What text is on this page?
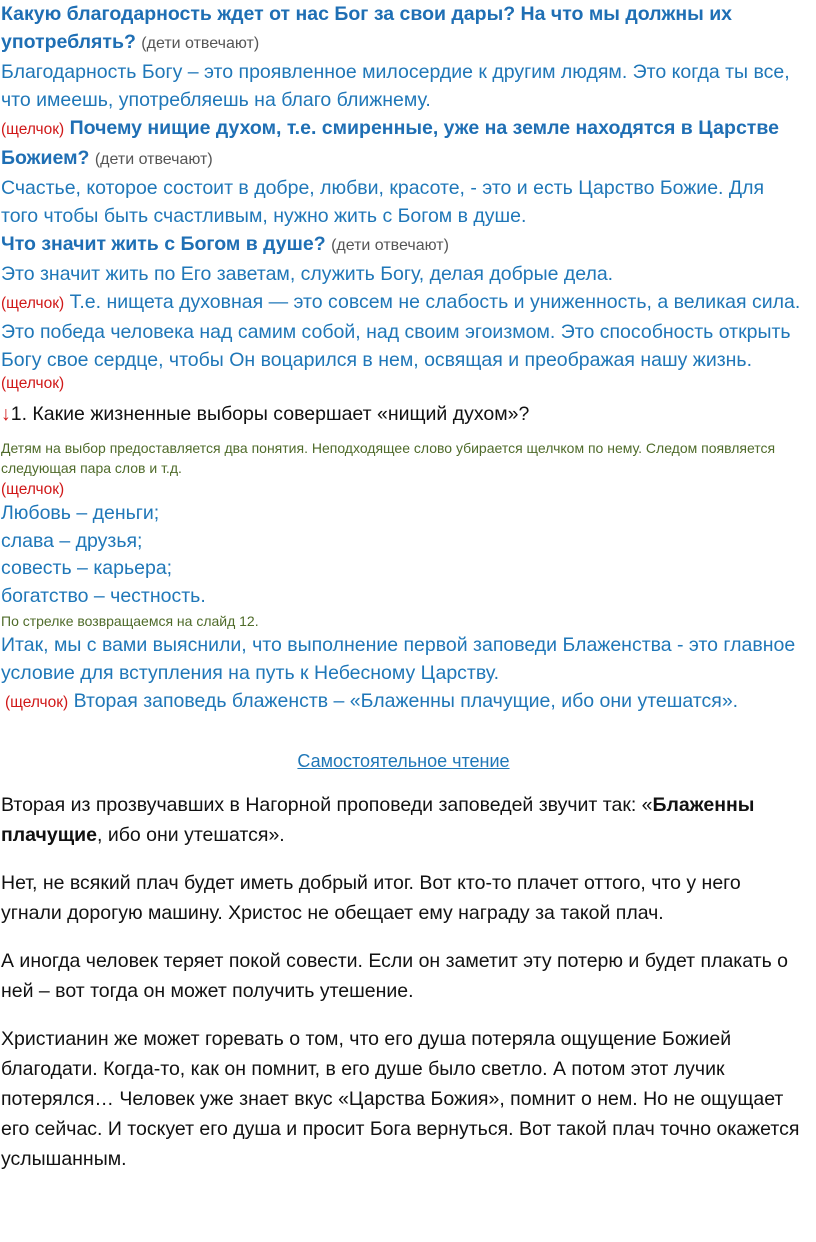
Какую благодарность ждет от нас Бог за свои дары? На что мы должны их употреблять? (дети отвечают)

Благодарность Богу – это проявленное милосердие к другим людям. Это когда ты все, что имеешь, употребляешь на благо ближнему.

(щелчок) Почему нищие духом, т.е. смиренные, уже на земле находятся в Царстве Божием? (дети отвечают)

Счастье, которое состоит в добре, любви, красоте, - это и есть Царство Божие. Для того чтобы быть счастливым, нужно жить с Богом в душе.

Что значит жить с Богом в душе? (дети отвечают)

Это значит жить по Его заветам, служить Богу, делая добрые дела.

(щелчок) Т.е. нищета духовная — это совсем не слабость и униженность, а великая сила. Это победа человека над самим собой, над своим эгоизмом. Это способность открыть Богу свое сердце, чтобы Он воцарился в нем, освящая и преображая нашу жизнь.

(щелчок)

↓1. Какие жизненные выборы совершает «нищий духом»?

Детям на выбор предоставляется два понятия. Неподходящее слово убирается щелчком по нему. Следом появляется следующая пара слов и т.д.

(щелчок)

Любовь – деньги;

слава – друзья;

совесть – карьера;

богатство – честность.

По стрелке возвращаемся на слайд 12.

Итак, мы с вами выяснили, что выполнение первой заповеди Блаженства - это главное условие для вступления на путь к Небесному Царству.

(щелчок) Вторая заповедь блаженств – «Блаженны плачущие, ибо они утешатся».

Самостоятельное чтение

Вторая из прозвучавших в Нагорной проповеди заповедей звучит так: «Блаженны плачущие, ибо они утешатся».

Нет, не всякий плач будет иметь добрый итог. Вот кто-то плачет оттого, что у него угнали дорогую машину. Христос не обещает ему награду за такой плач.

А иногда человек теряет покой совести. Если он заметит эту потерю и будет плакать о ней – вот тогда он может получить утешение.

Христианин же может горевать о том, что его душа потеряла ощущение Божией благодати. Когда-то, как он помнит, в его душе было светло. А потом этот лучик потерялся… Человек уже знает вкус «Царства Божия», помнит о нем. Но не ощущает его сейчас. И тоскует его душа и просит Бога вернуться. Вот такой плач точно окажется услышанным.
